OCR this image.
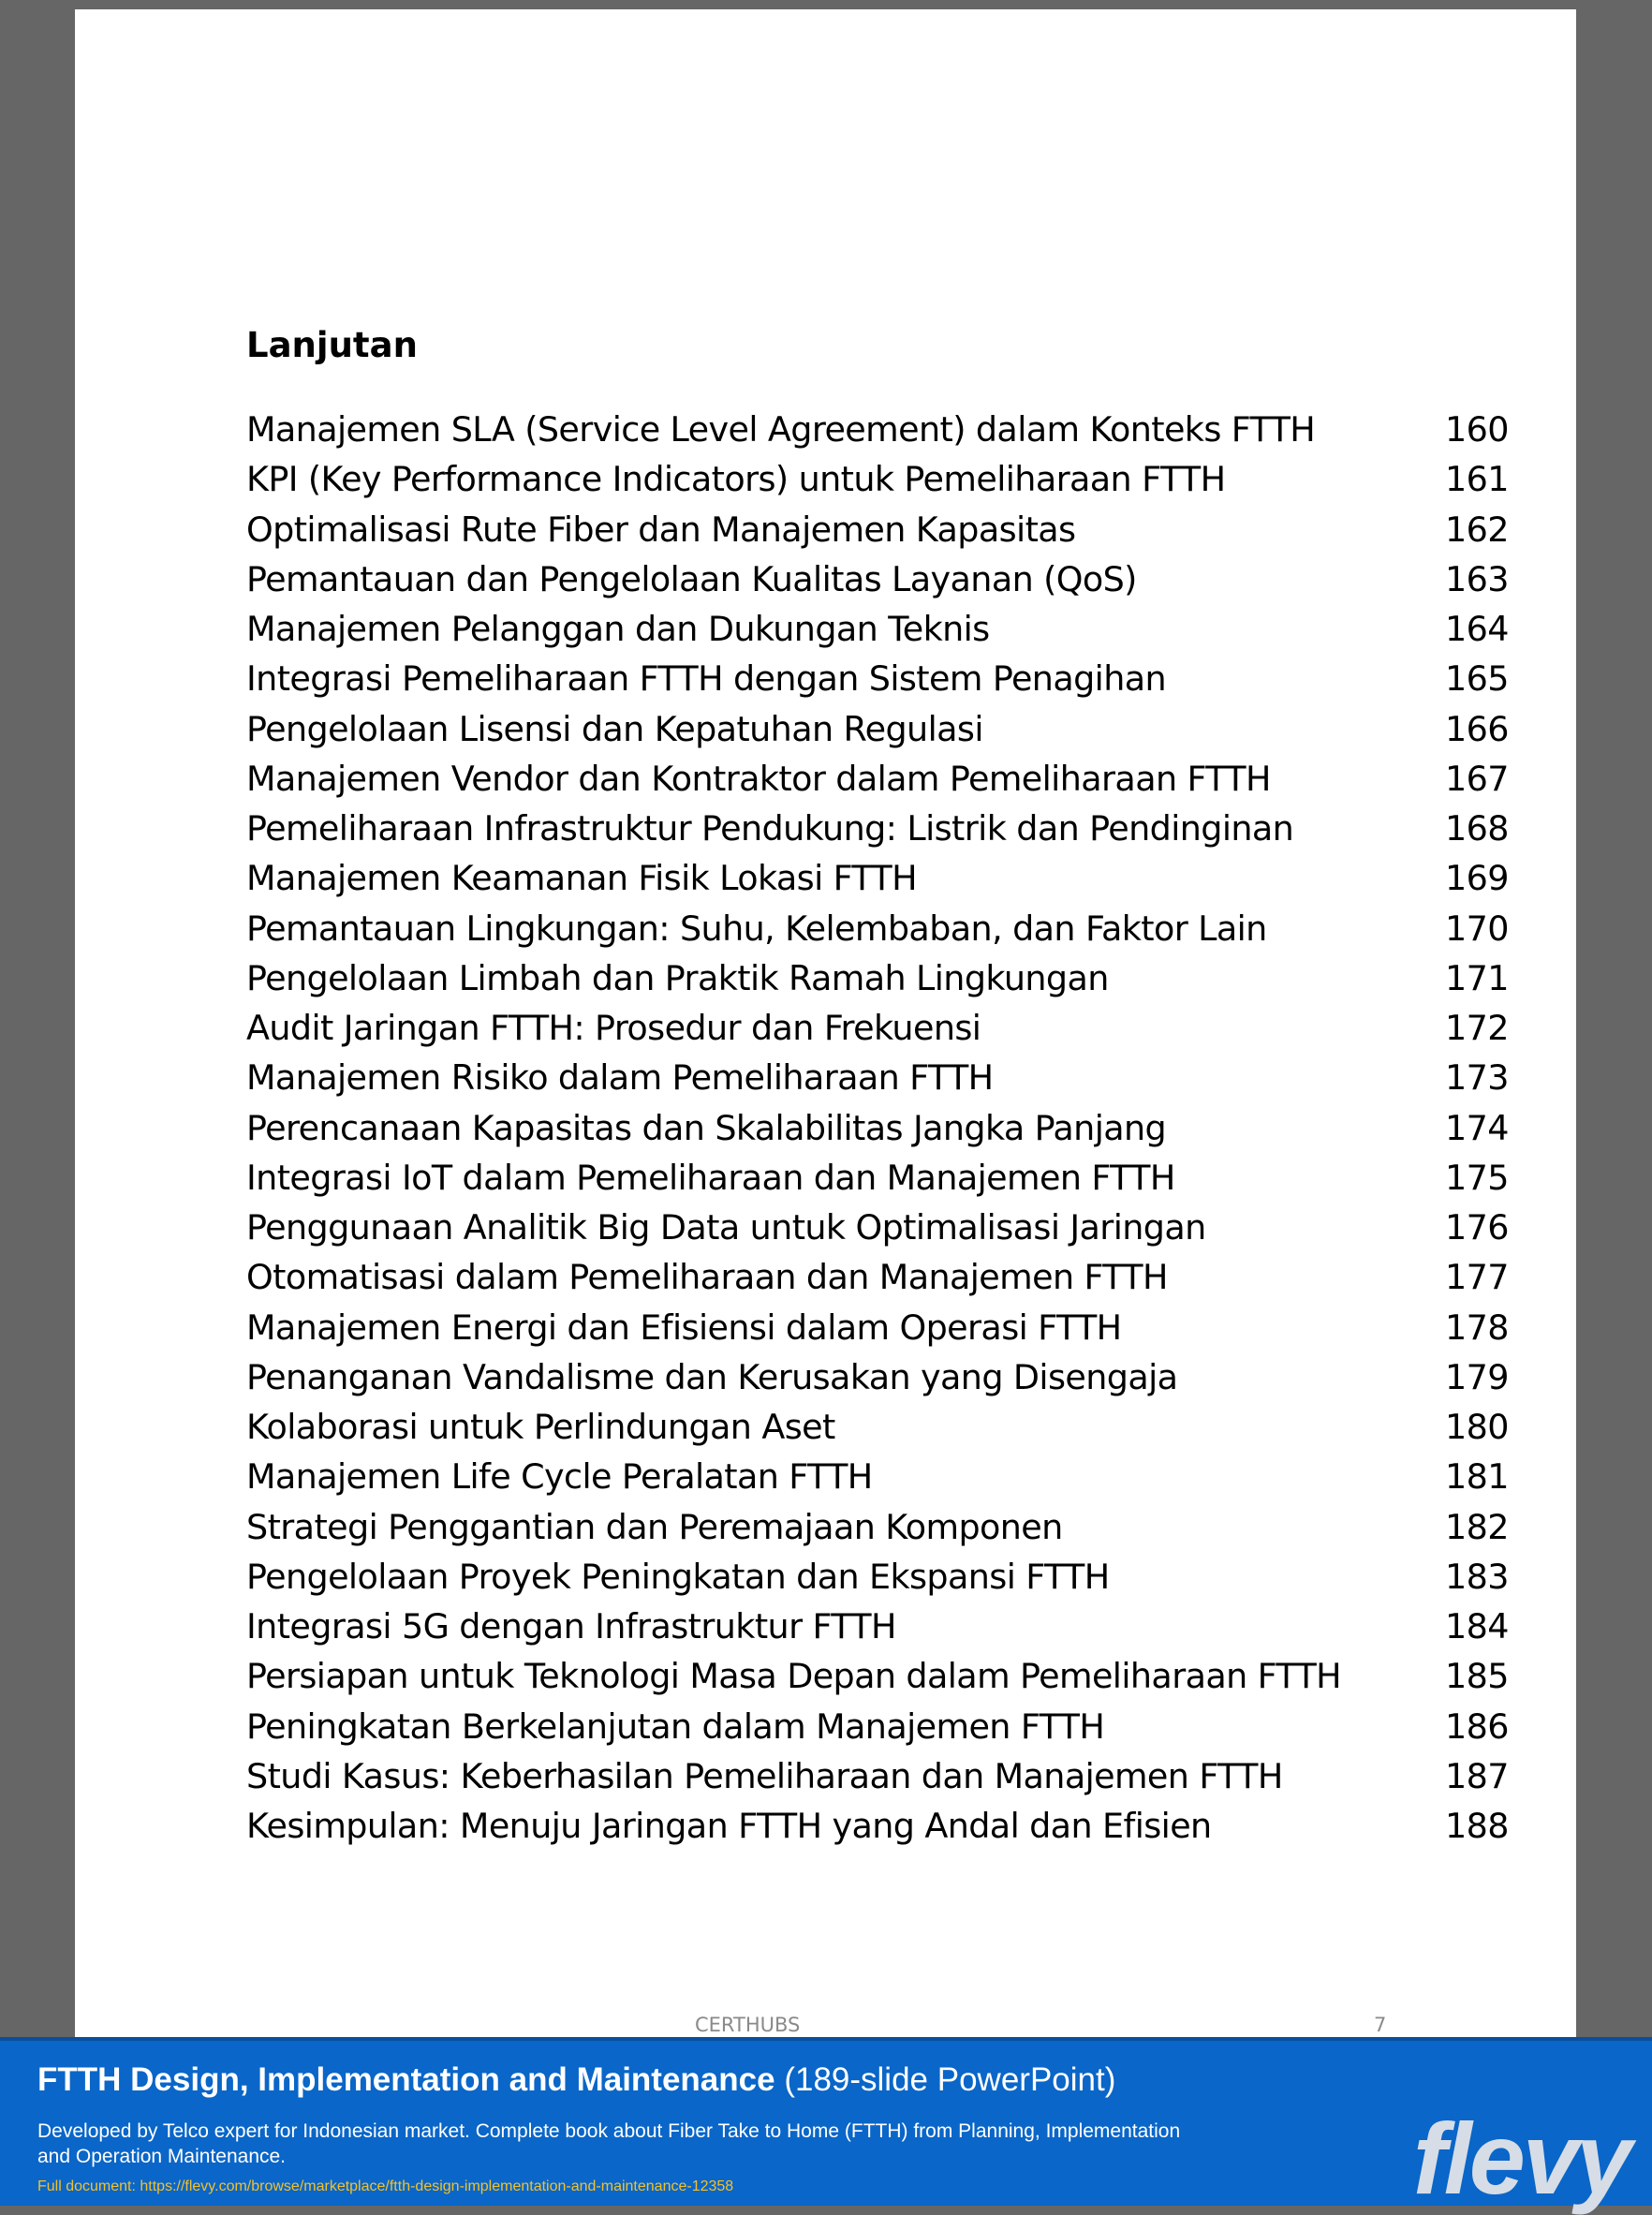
Lanjutan
Manajemen SLA (Service Level Agreement) dalam Konteks FTTH	160
KPI (Key Performance Indicators) untuk Pemeliharaan FTTH	161
Optimalisasi Rute Fiber dan Manajemen Kapasitas	162
Pemantauan dan Pengelolaan Kualitas Layanan (QoS)	163
Manajemen Pelanggan dan Dukungan Teknis	164
Integrasi Pemeliharaan FTTH dengan Sistem Penagihan	165
Pengelolaan Lisensi dan Kepatuhan Regulasi	166
Manajemen Vendor dan Kontraktor dalam Pemeliharaan FTTH	167
Pemeliharaan Infrastruktur Pendukung: Listrik dan Pendinginan	168
Manajemen Keamanan Fisik Lokasi FTTH	169
Pemantauan Lingkungan: Suhu, Kelembaban, dan Faktor Lain	170
Pengelolaan Limbah dan Praktik Ramah Lingkungan	171
Audit Jaringan FTTH: Prosedur dan Frekuensi	172
Manajemen Risiko dalam Pemeliharaan FTTH	173
Perencanaan Kapasitas dan Skalabilitas Jangka Panjang	174
Integrasi IoT dalam Pemeliharaan dan Manajemen FTTH	175
Penggunaan Analitik Big Data untuk Optimalisasi Jaringan	176
Otomatisasi dalam Pemeliharaan dan Manajemen FTTH	177
Manajemen Energi dan Efisiensi dalam Operasi FTTH	178
Penanganan Vandalisme dan Kerusakan yang Disengaja	179
Kolaborasi untuk Perlindungan Aset	180
Manajemen Life Cycle Peralatan FTTH	181
Strategi Penggantian dan Peremajaan Komponen	182
Pengelolaan Proyek Peningkatan dan Ekspansi FTTH	183
Integrasi 5G dengan Infrastruktur FTTH	184
Persiapan untuk Teknologi Masa Depan dalam Pemeliharaan FTTH	185
Peningkatan Berkelanjutan dalam Manajemen FTTH	186
Studi Kasus: Keberhasilan Pemeliharaan dan Manajemen FTTH	187
Kesimpulan: Menuju Jaringan FTTH yang Andal dan Efisien	188
CERTHUBS	7
FTTH Design, Implementation and Maintenance (189-slide PowerPoint)
Developed by Telco expert for Indonesian market. Complete book about Fiber Take to Home (FTTH) from Planning, Implementation and Operation Maintenance.
Full document: https://flevy.com/browse/marketplace/ftth-design-implementation-and-maintenance-12358	flevy
